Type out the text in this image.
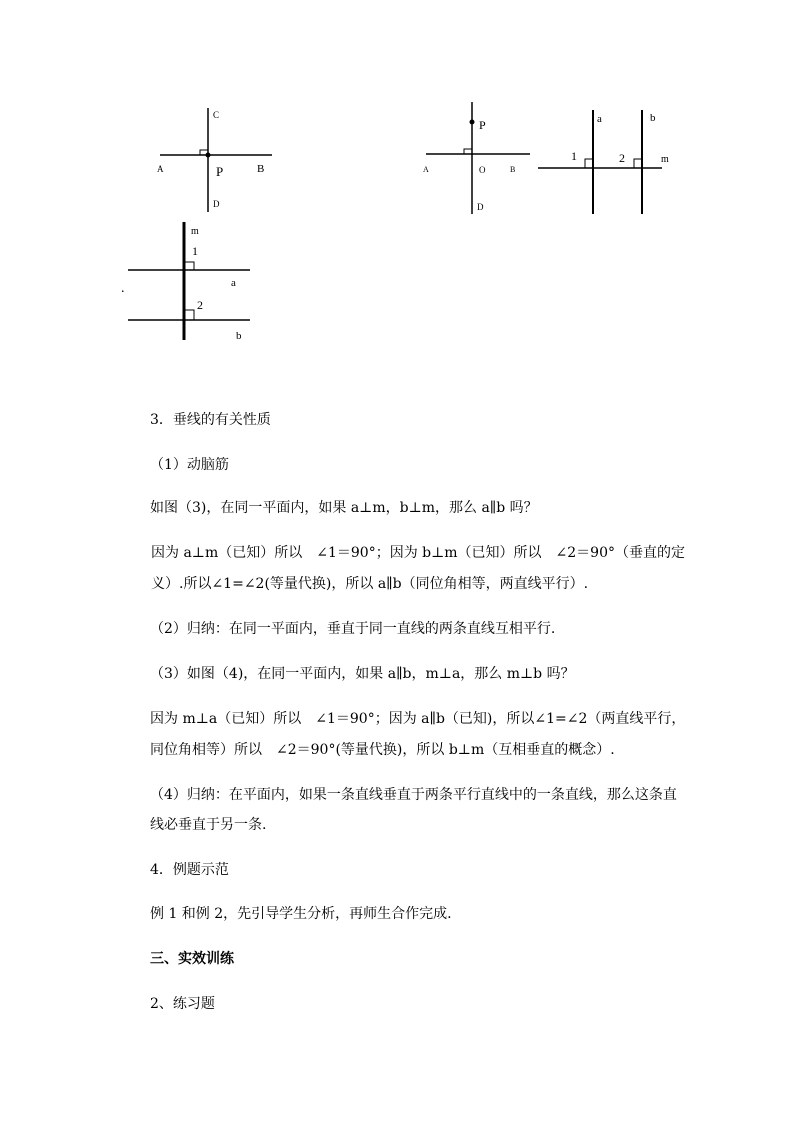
C
A	P	B
D
P
A	O	B
D
a	b
1	2	m
m
1
.	a
2
b

3．垂线的有关性质

（1）动脑筋

如图（3)，在同一平面内，如果 a⊥m，b⊥m，那么 a∥b 吗？

因为 a⊥m（已知）所以　∠1＝90°；因为 b⊥m（已知）所以　∠2＝90°（垂直的定

义）.所以∠1=∠2(等量代换)，所以 a∥b（同位角相等，两直线平行）.

（2）归纳：在同一平面内，垂直于同一直线的两条直线互相平行.

（3）如图（4)，在同一平面内，如果 a∥b，m⊥a，那么 m⊥b 吗？

因为 m⊥a（已知）所以　∠1＝90°；因为 a∥b（已知)，所以∠1=∠2（两直线平行，

同位角相等）所以　∠2＝90°(等量代换)，所以 b⊥m（互相垂直的概念）.

（4）归纳：在平面内，如果一条直线垂直于两条平行直线中的一条直线，那么这条直

线必垂直于另一条.

4．例题示范

例 1 和例 2，先引导学生分析，再师生合作完成.

三、实效训练

2、练习题
